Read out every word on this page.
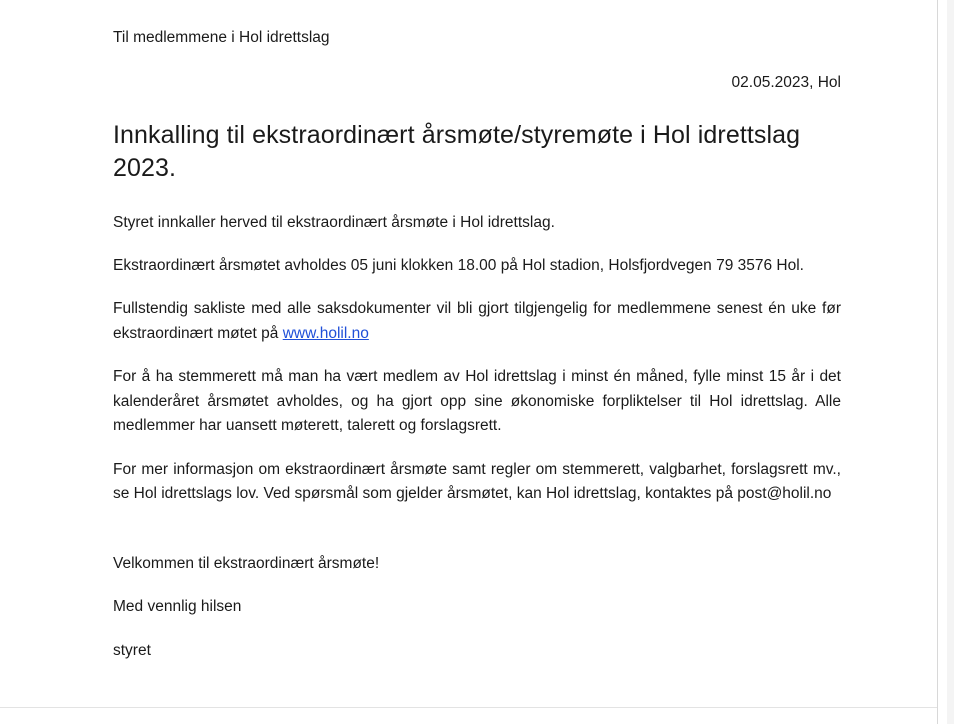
Til medlemmene i Hol idrettslag

02.05.2023, Hol

Innkalling til ekstraordinært årsmøte/styremøte i Hol idrettslag 2023.

Styret innkaller herved til ekstraordinært årsmøte i Hol idrettslag.

Ekstraordinært årsmøtet avholdes 05 juni klokken 18.00 på Hol stadion, Holsfjordvegen 79 3576 Hol.

Fullstendig sakliste med alle saksdokumenter vil bli gjort tilgjengelig for medlemmene senest én uke før ekstraordinært møtet på www.holil.no

For å ha stemmerett må man ha vært medlem av Hol idrettslag i minst én måned, fylle minst 15 år i det kalenderåret årsmøtet avholdes, og ha gjort opp sine økonomiske forpliktelser til Hol idrettslag. Alle medlemmer har uansett møterett, talerett og forslagsrett.

For mer informasjon om ekstraordinært årsmøte samt regler om stemmerett, valgbarhet, forslagsrett mv., se Hol idrettslags lov. Ved spørsmål som gjelder årsmøtet, kan Hol idrettslag, kontaktes på post@holil.no

Velkommen til ekstraordinært årsmøte!

Med vennlig hilsen

styret
